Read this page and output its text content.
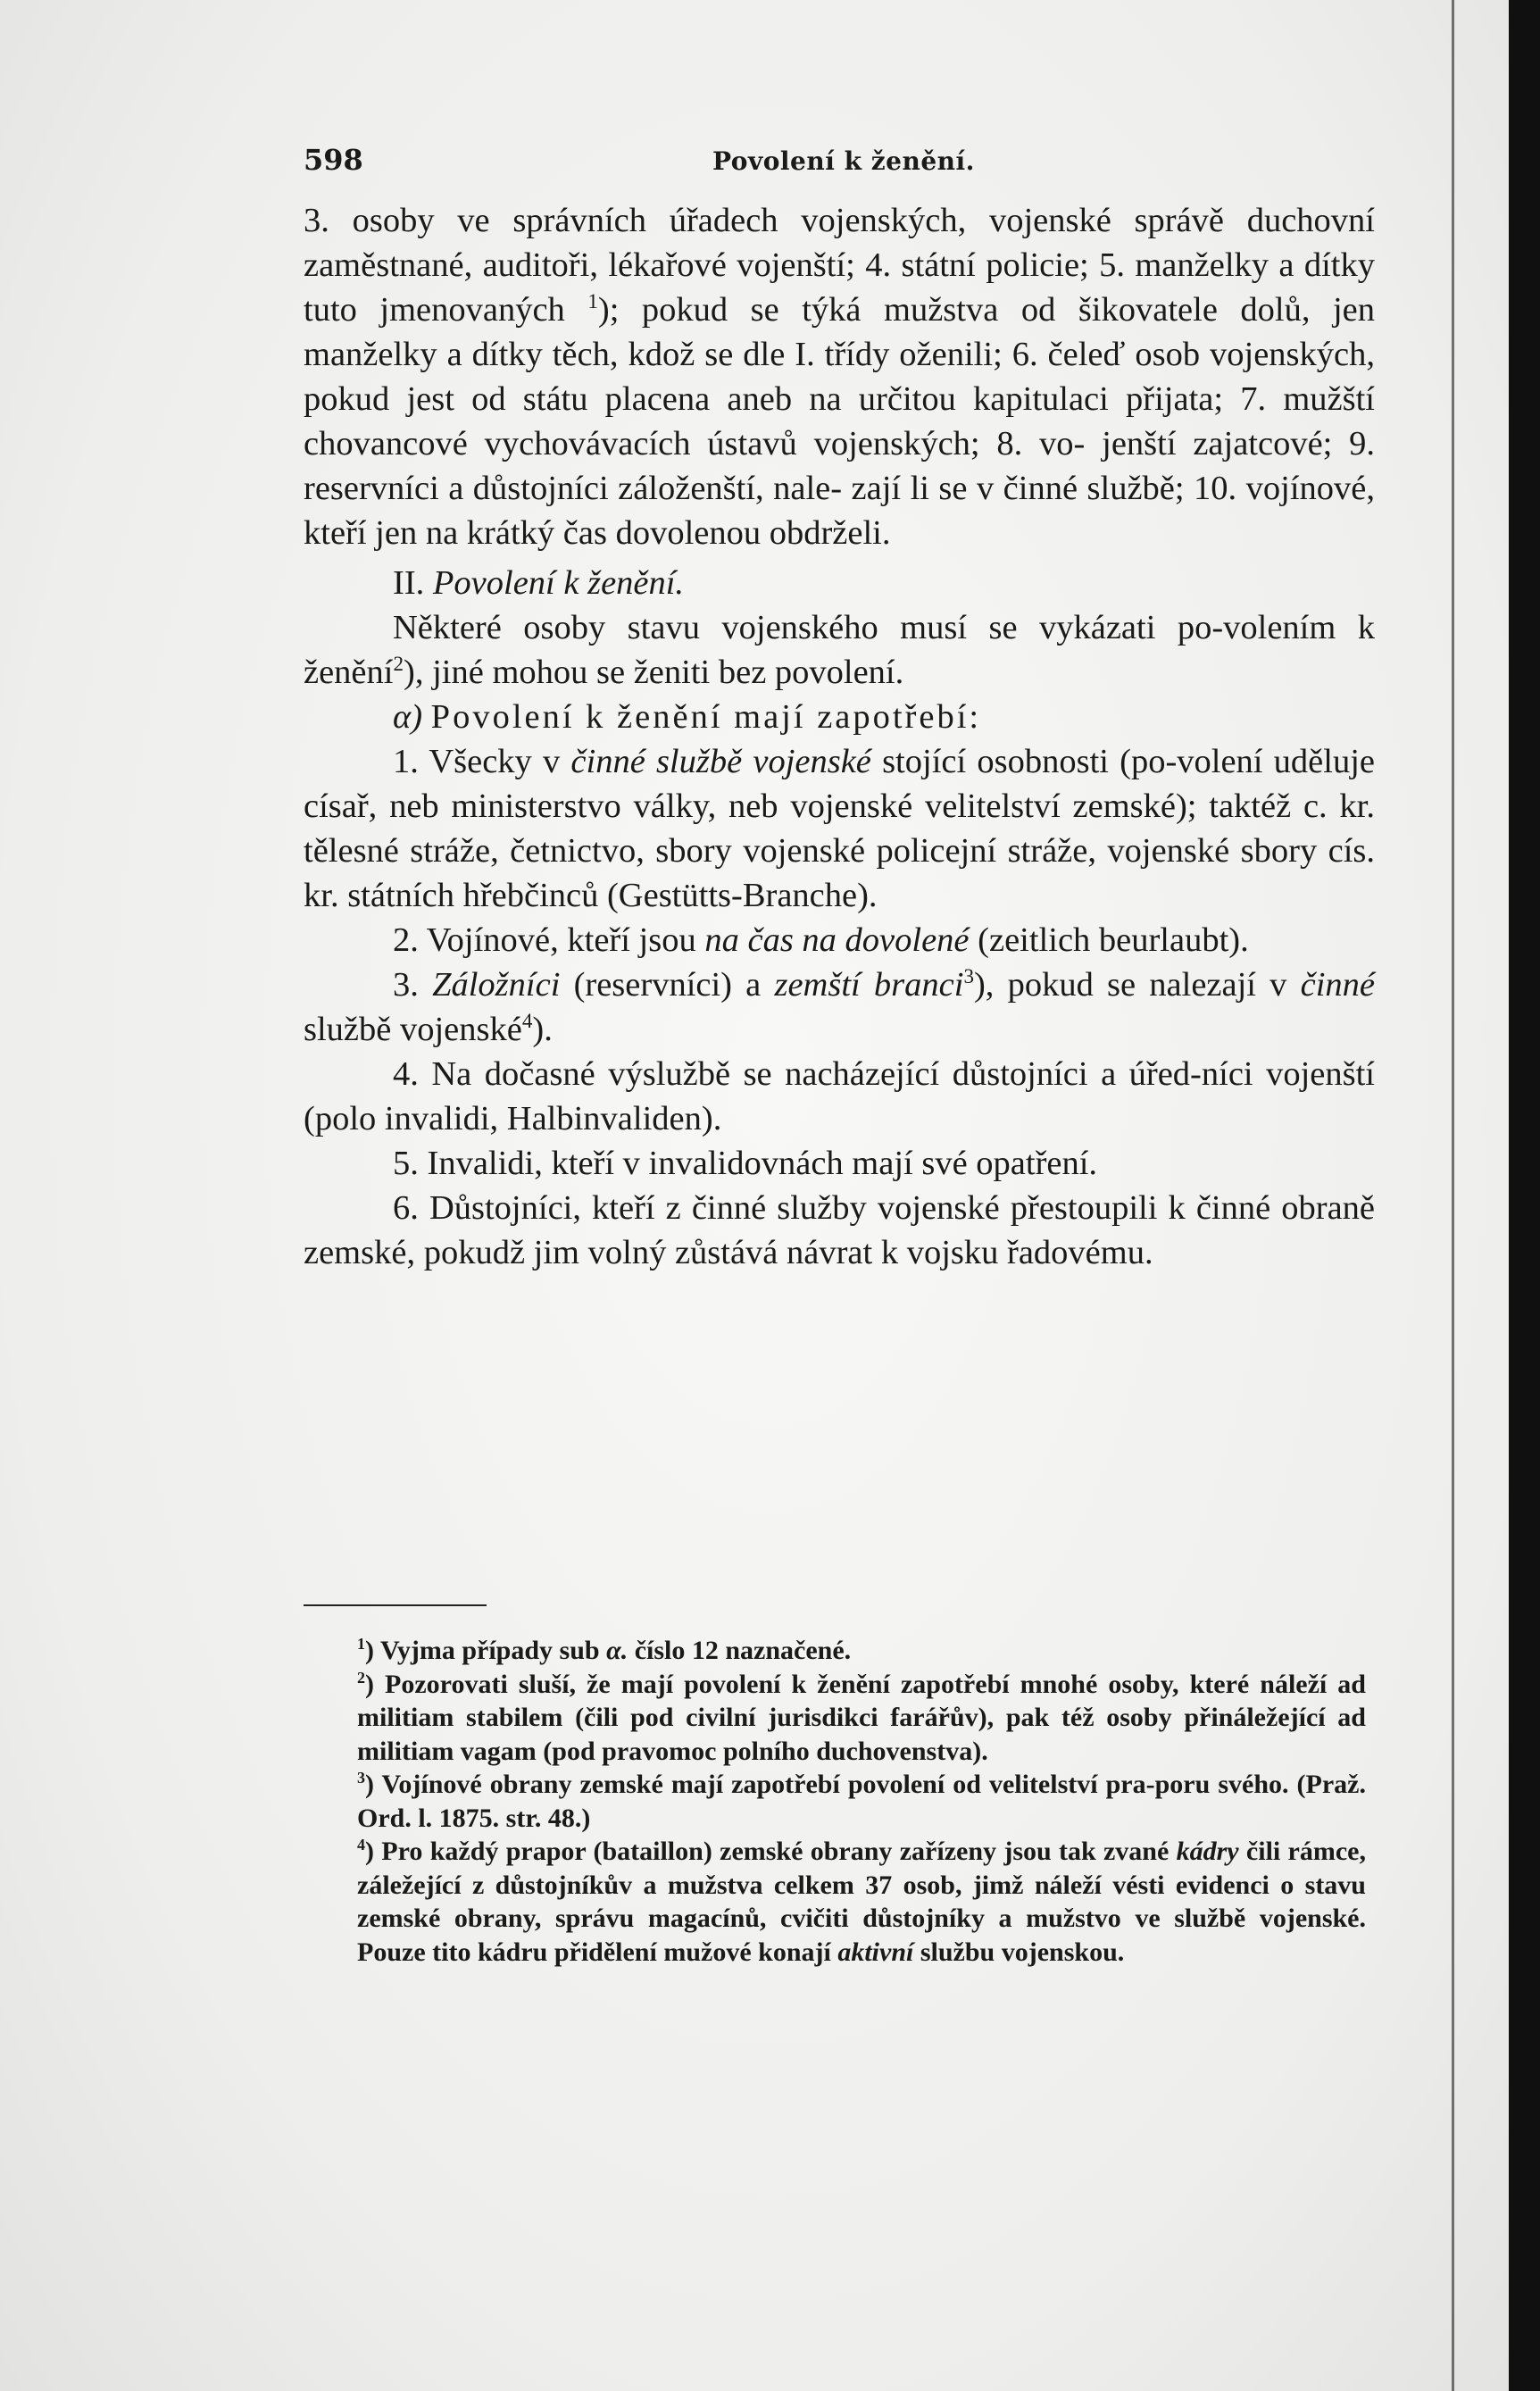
598	Povolení k ženění.

3. osoby ve správních úřadech vojenských, vojenské správě duchovní zaměstnané, auditoři, lékařové vojenští; 4. státní policie; 5. manželky a dítky tuto jmenovaných $^1$); pokud se týká mužstva od šikovatele dolů, jen manželky a dítky těch, kdož se dle I. třídy oženili; 6. čeleď osob vojenských, pokud jest od státu placena aneb na určitou kapitulaci přijata; 7. mužští chovancové vychovávacích ústavů vojenských; 8. vo- jenští zajatcové; 9. reservníci a důstojníci záloženští, nale- zají li se v činné službě; 10. vojínové, kteří jen na krátký čas dovolenou obdrželi.

II. Povolení k ženění.

Některé osoby stavu vojenského musí se vykázati po-volením k ženění$^2$), jiné mohou se ženiti bez povolení.

α) Povolení k ženění mají zapotřebí:

1. Všecky v činné službě vojenské stojící osobnosti (po-volení uděluje císař, neb ministerstvo války, neb vojenské velitelství zemské); taktéž c. kr. tělesné stráže, četnictvo, sbory vojenské policejní stráže, vojenské sbory cís. kr. státních hřebčinců (Gestütts-Branche).

2. Vojínové, kteří jsou na čas na dovolené (zeitlich beurlaubt).

3. Záložníci (reservníci) a zemští branci$^3$), pokud se nalezají v činné službě vojenské$^4$).

4. Na dočasné výslužbě se nacházející důstojníci a úřed-níci vojenští (polo invalidi, Halbinvaliden).

5. Invalidi, kteří v invalidovnách mají své opatření.

6. Důstojníci, kteří z činné služby vojenské přestoupili k činné obraně zemské, pokudž jim volný zůstává návrat k vojsku řadovému.

$^1$) Vyjma případy sub α. číslo 12 naznačené.

$^2$) Pozorovati sluší, že mají povolení k ženění zapotřebí mnohé osoby, které náleží ad militiam stabilem (čili pod civilní jurisdikci farářův), pak též osoby přináležející ad militiam vagam (pod pravomoc polního duchovenstva).

$^3$) Vojínové obrany zemské mají zapotřebí povolení od velitelství pra-poru svého. (Praž. Ord. l. 1875. str. 48.)

$^4$) Pro každý prapor (bataillon) zemské obrany zařízeny jsou tak zvané kádry čili rámce, záležející z důstojníkův a mužstva celkem 37 osob, jimž náleží vésti evidenci o stavu zemské obrany, správu magacínů, cvičiti důstojníky a mužstvo ve službě vojenské. Pouze tito kádru přidělení mužové konají aktivní službu vojenskou.
